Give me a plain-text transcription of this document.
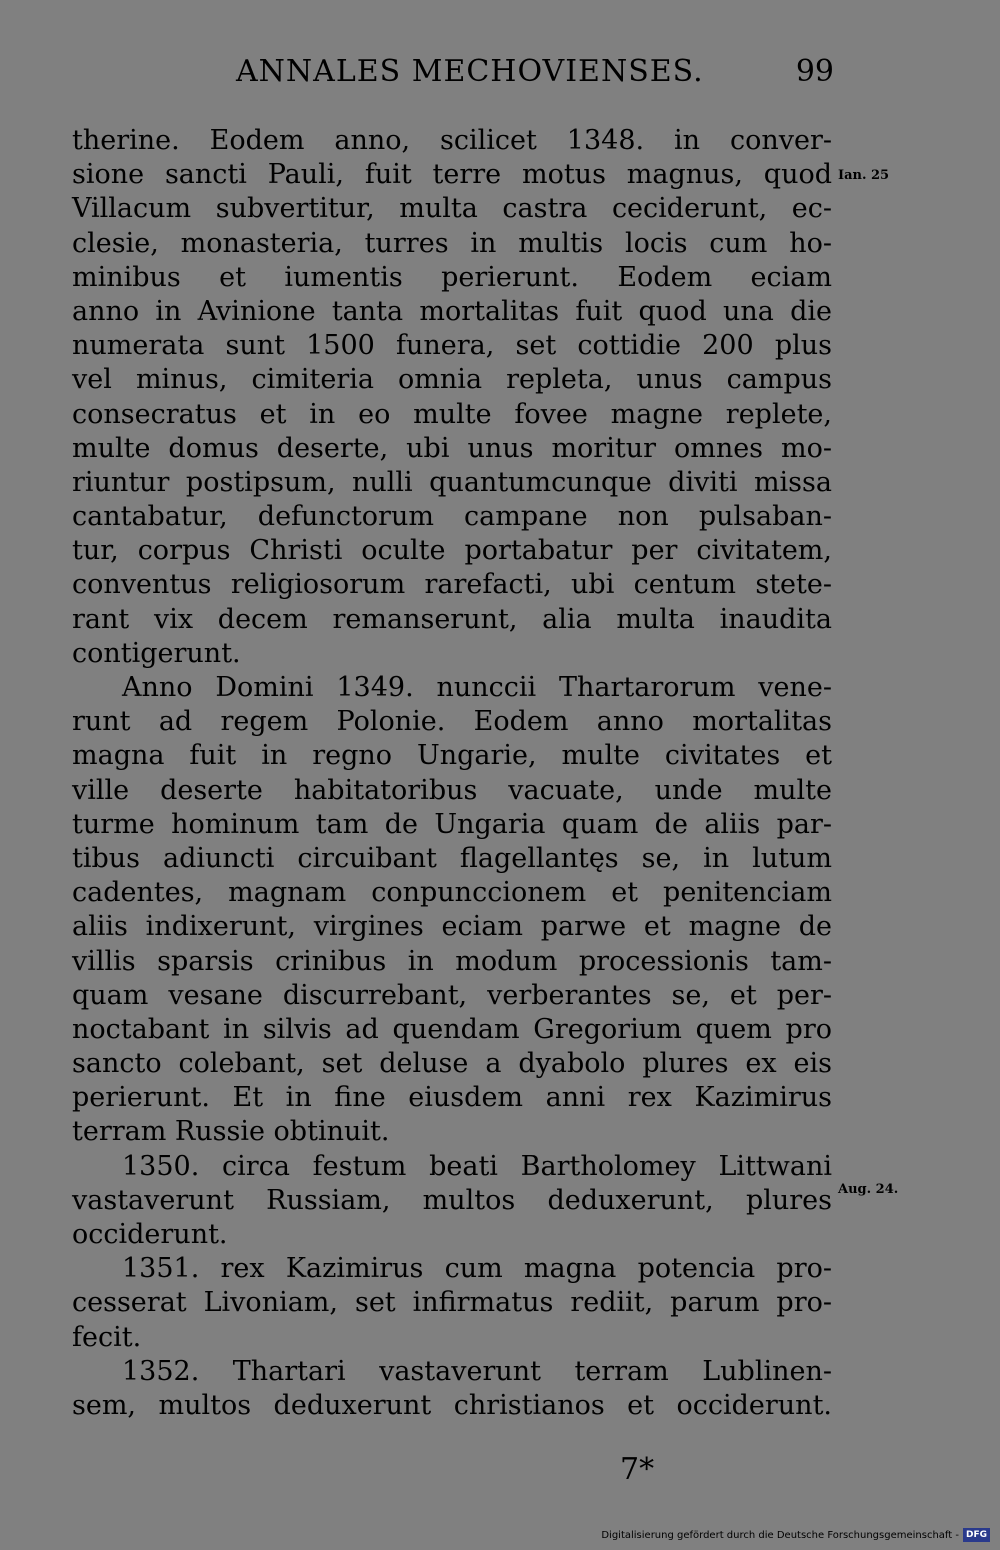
ANNALES MECHOVIENSES.	99
therine. Eodem anno, scilicet 1348. in conver-
sione sancti Pauli, fuit terre motus magnus, quod
Villacum subvertitur, multa castra ceciderunt, ec-
clesie, monasteria, turres in multis locis cum ho-
minibus et iumentis perierunt. Eodem eciam
anno in Avinione tanta mortalitas fuit quod una die
numerata sunt 1500 funera, set cottidie 200 plus
vel minus, cimiteria omnia repleta, unus campus
consecratus et in eo multe fovee magne replete,
multe domus deserte, ubi unus moritur omnes mo-
riuntur postipsum, nulli quantumcunque diviti missa
cantabatur, defunctorum campane non pulsaban-
tur, corpus Christi oculte portabatur per civitatem,
conventus religiosorum rarefacti, ubi centum stete-
rant vix decem remanserunt, alia multa inaudita
contigerunt.
Anno Domini 1349. nunccii Thartarorum vene-
runt ad regem Polonie. Eodem anno mortalitas
magna fuit in regno Ungarie, multe civitates et
ville deserte habitatoribus vacuate, unde multe
turme hominum tam de Ungaria quam de aliis par-
tibus adiuncti circuibant flagellantęs se, in lutum
cadentes, magnam conpunccionem et penitenciam
aliis indixerunt, virgines eciam parwe et magne de
villis sparsis crinibus in modum processionis tam-
quam vesane discurrebant, verberantes se, et per-
noctabant in silvis ad quendam Gregorium quem pro
sancto colebant, set deluse a dyabolo plures ex eis
perierunt. Et in fine eiusdem anni rex Kazimirus
terram Russie obtinuit.
1350. circa festum beati Bartholomey Littwani
vastaverunt Russiam, multos deduxerunt, plures
occiderunt.
1351. rex Kazimirus cum magna potencia pro-
cesserat Livoniam, set infirmatus rediit, parum pro-
fecit.
1352. Thartari vastaverunt terram Lublinen-
sem, multos deduxerunt christianos et occiderunt.
Ian. 25
Aug. 24.
7*
Digitalisierung gefördert durch die Deutsche Forschungsgemeinschaft - DFG
